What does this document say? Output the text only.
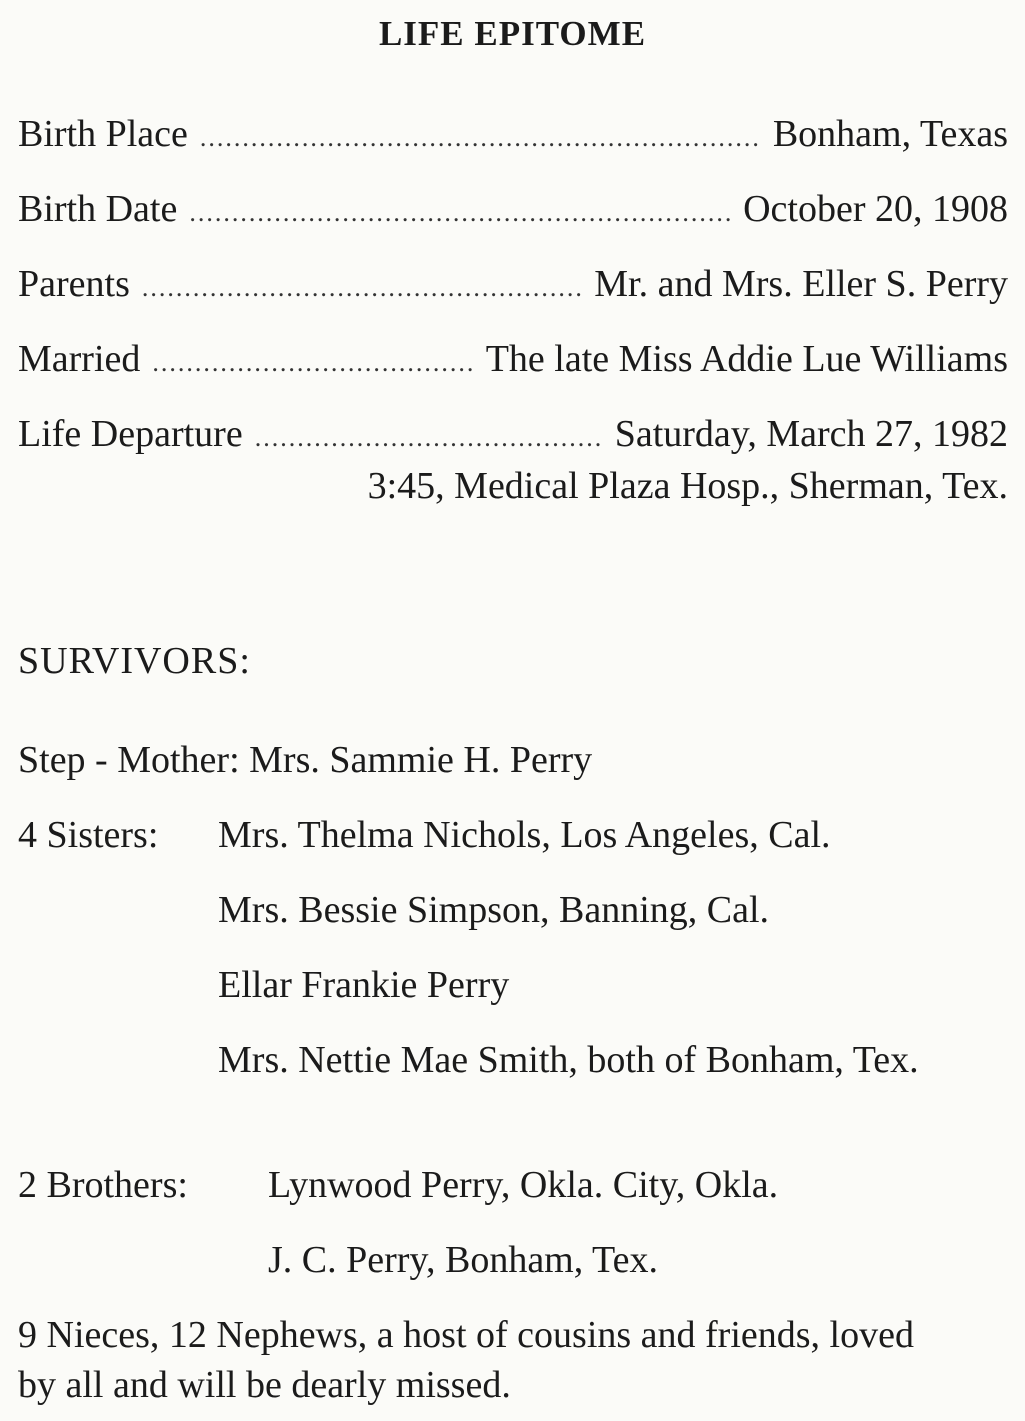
LIFE EPITOME
Birth Place .....	Bonham, Texas
Birth Date .....	October 20, 1908
Parents .....	Mr. and Mrs. Eller S. Perry
Married .....	The late Miss Addie Lue Williams
Life Departure .....	Saturday, March 27, 1982
3:45, Medical Plaza Hosp., Sherman, Tex.
SURVIVORS:
Step - Mother: Mrs. Sammie H. Perry
4 Sisters:	Mrs. Thelma Nichols, Los Angeles, Cal.
Mrs. Bessie Simpson, Banning, Cal.
Ellar Frankie Perry
Mrs. Nettie Mae Smith, both of Bonham, Tex.
2 Brothers:	Lynwood Perry, Okla. City, Okla.
J. C. Perry, Bonham, Tex.
9 Nieces, 12 Nephews, a host of cousins and friends, loved by all and will be dearly missed.
